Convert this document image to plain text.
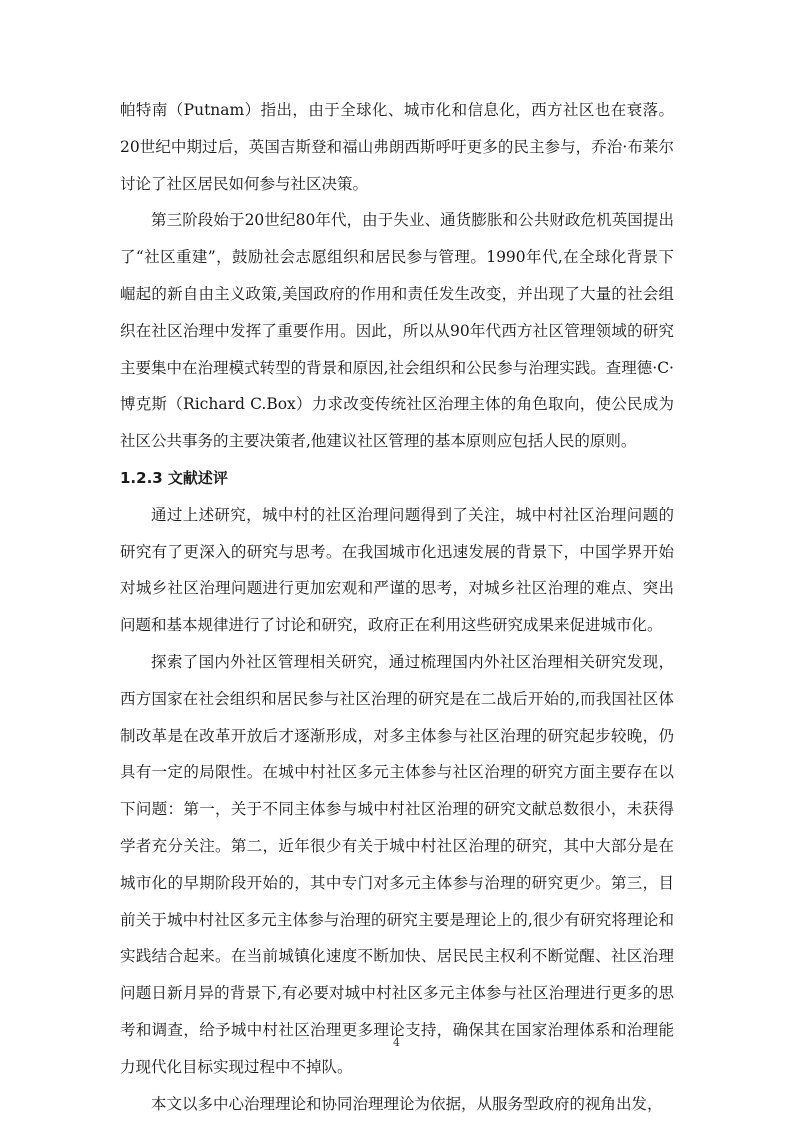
帕特南（Putnam）指出，由于全球化、城市化和信息化，西方社区也在衰落。20世纪中期过后，英国吉斯登和福山弗朗西斯呼吁更多的民主参与，乔治·布莱尔讨论了社区居民如何参与社区决策。

第三阶段始于20世纪80年代，由于失业、通货膨胀和公共财政危机英国提出了“社区重建”，鼓励社会志愿组织和居民参与管理。1990年代,在全球化背景下崛起的新自由主义政策,美国政府的作用和责任发生改变，并出现了大量的社会组织在社区治理中发挥了重要作用。因此，所以从90年代西方社区管理领域的研究主要集中在治理模式转型的背景和原因,社会组织和公民参与治理实践。查理德·C·博克斯（Richard C.Box）力求改变传统社区治理主体的角色取向，使公民成为社区公共事务的主要决策者,他建议社区管理的基本原则应包括人民的原则。

1.2.3 文献述评

通过上述研究，城中村的社区治理问题得到了关注，城中村社区治理问题的研究有了更深入的研究与思考。在我国城市化迅速发展的背景下，中国学界开始对城乡社区治理问题进行更加宏观和严谨的思考，对城乡社区治理的难点、突出问题和基本规律进行了讨论和研究，政府正在利用这些研究成果来促进城市化。

探索了国内外社区管理相关研究，通过梳理国内外社区治理相关研究发现，西方国家在社会组织和居民参与社区治理的研究是在二战后开始的,而我国社区体制改革是在改革开放后才逐渐形成，对多主体参与社区治理的研究起步较晚，仍具有一定的局限性。在城中村社区多元主体参与社区治理的研究方面主要存在以下问题：第一，关于不同主体参与城中村社区治理的研究文献总数很小，未获得学者充分关注。第二，近年很少有关于城中村社区治理的研究，其中大部分是在城市化的早期阶段开始的，其中专门对多元主体参与治理的研究更少。第三，目前关于城中村社区多元主体参与治理的研究主要是理论上的,很少有研究将理论和实践结合起来。在当前城镇化速度不断加快、居民民主权利不断觉醒、社区治理问题日新月异的背景下,有必要对城中村社区多元主体参与社区治理进行更多的思考和调查，给予城中村社区治理更多理论支持，确保其在国家治理体系和治理能力现代化目标实现过程中不掉队。

本文以多中心治理理论和协同治理理论为依据，从服务型政府的视角出发，

4
